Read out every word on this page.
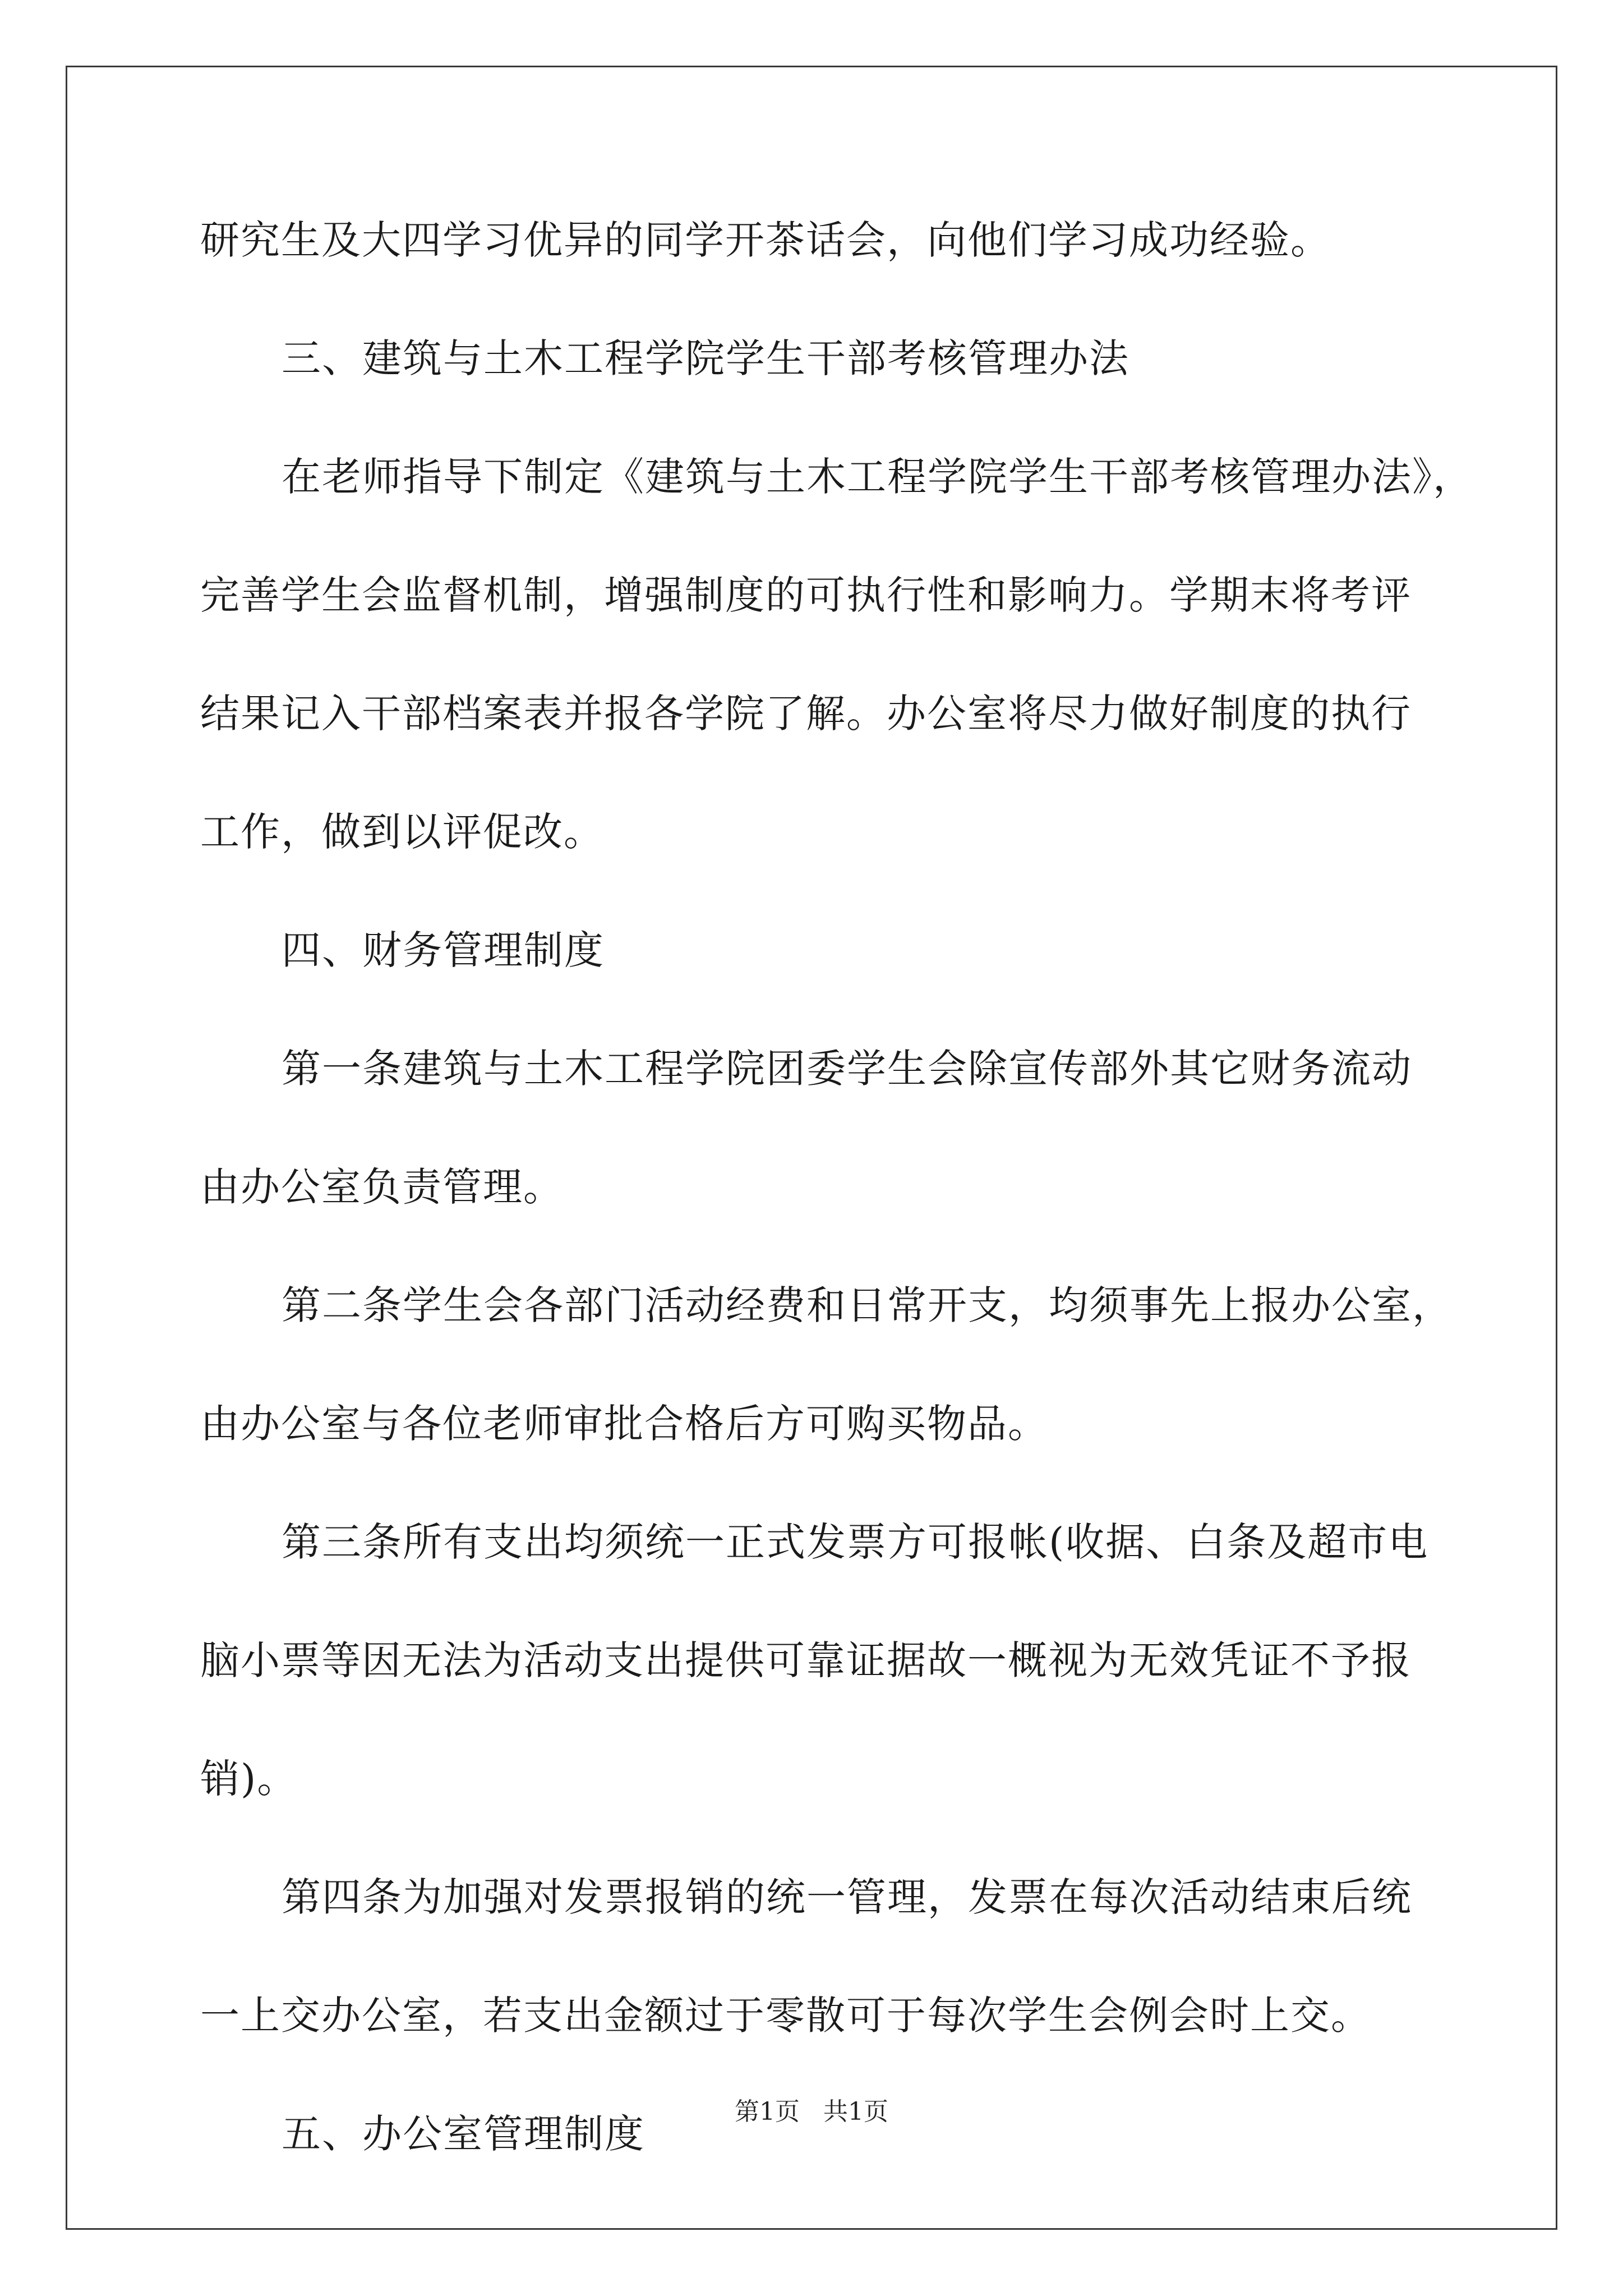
研究生及大四学习优异的同学开茶话会，向他们学习成功经验。
三、建筑与土木工程学院学生干部考核管理办法
在老师指导下制定《建筑与土木工程学院学生干部考核管理办法》，
完善学生会监督机制，增强制度的可执行性和影响力。学期末将考评
结果记入干部档案表并报各学院了解。办公室将尽力做好制度的执行
工作，做到以评促改。
四、财务管理制度
第一条建筑与土木工程学院团委学生会除宣传部外其它财务流动
由办公室负责管理。
第二条学生会各部门活动经费和日常开支，均须事先上报办公室，
由办公室与各位老师审批合格后方可购买物品。
第三条所有支出均须统一正式发票方可报帐(收据、白条及超市电
脑小票等因无法为活动支出提供可靠证据故一概视为无效凭证不予报
销)。
第四条为加强对发票报销的统一管理，发票在每次活动结束后统
一上交办公室，若支出金额过于零散可于每次学生会例会时上交。
五、办公室管理制度	第1页 共1页
